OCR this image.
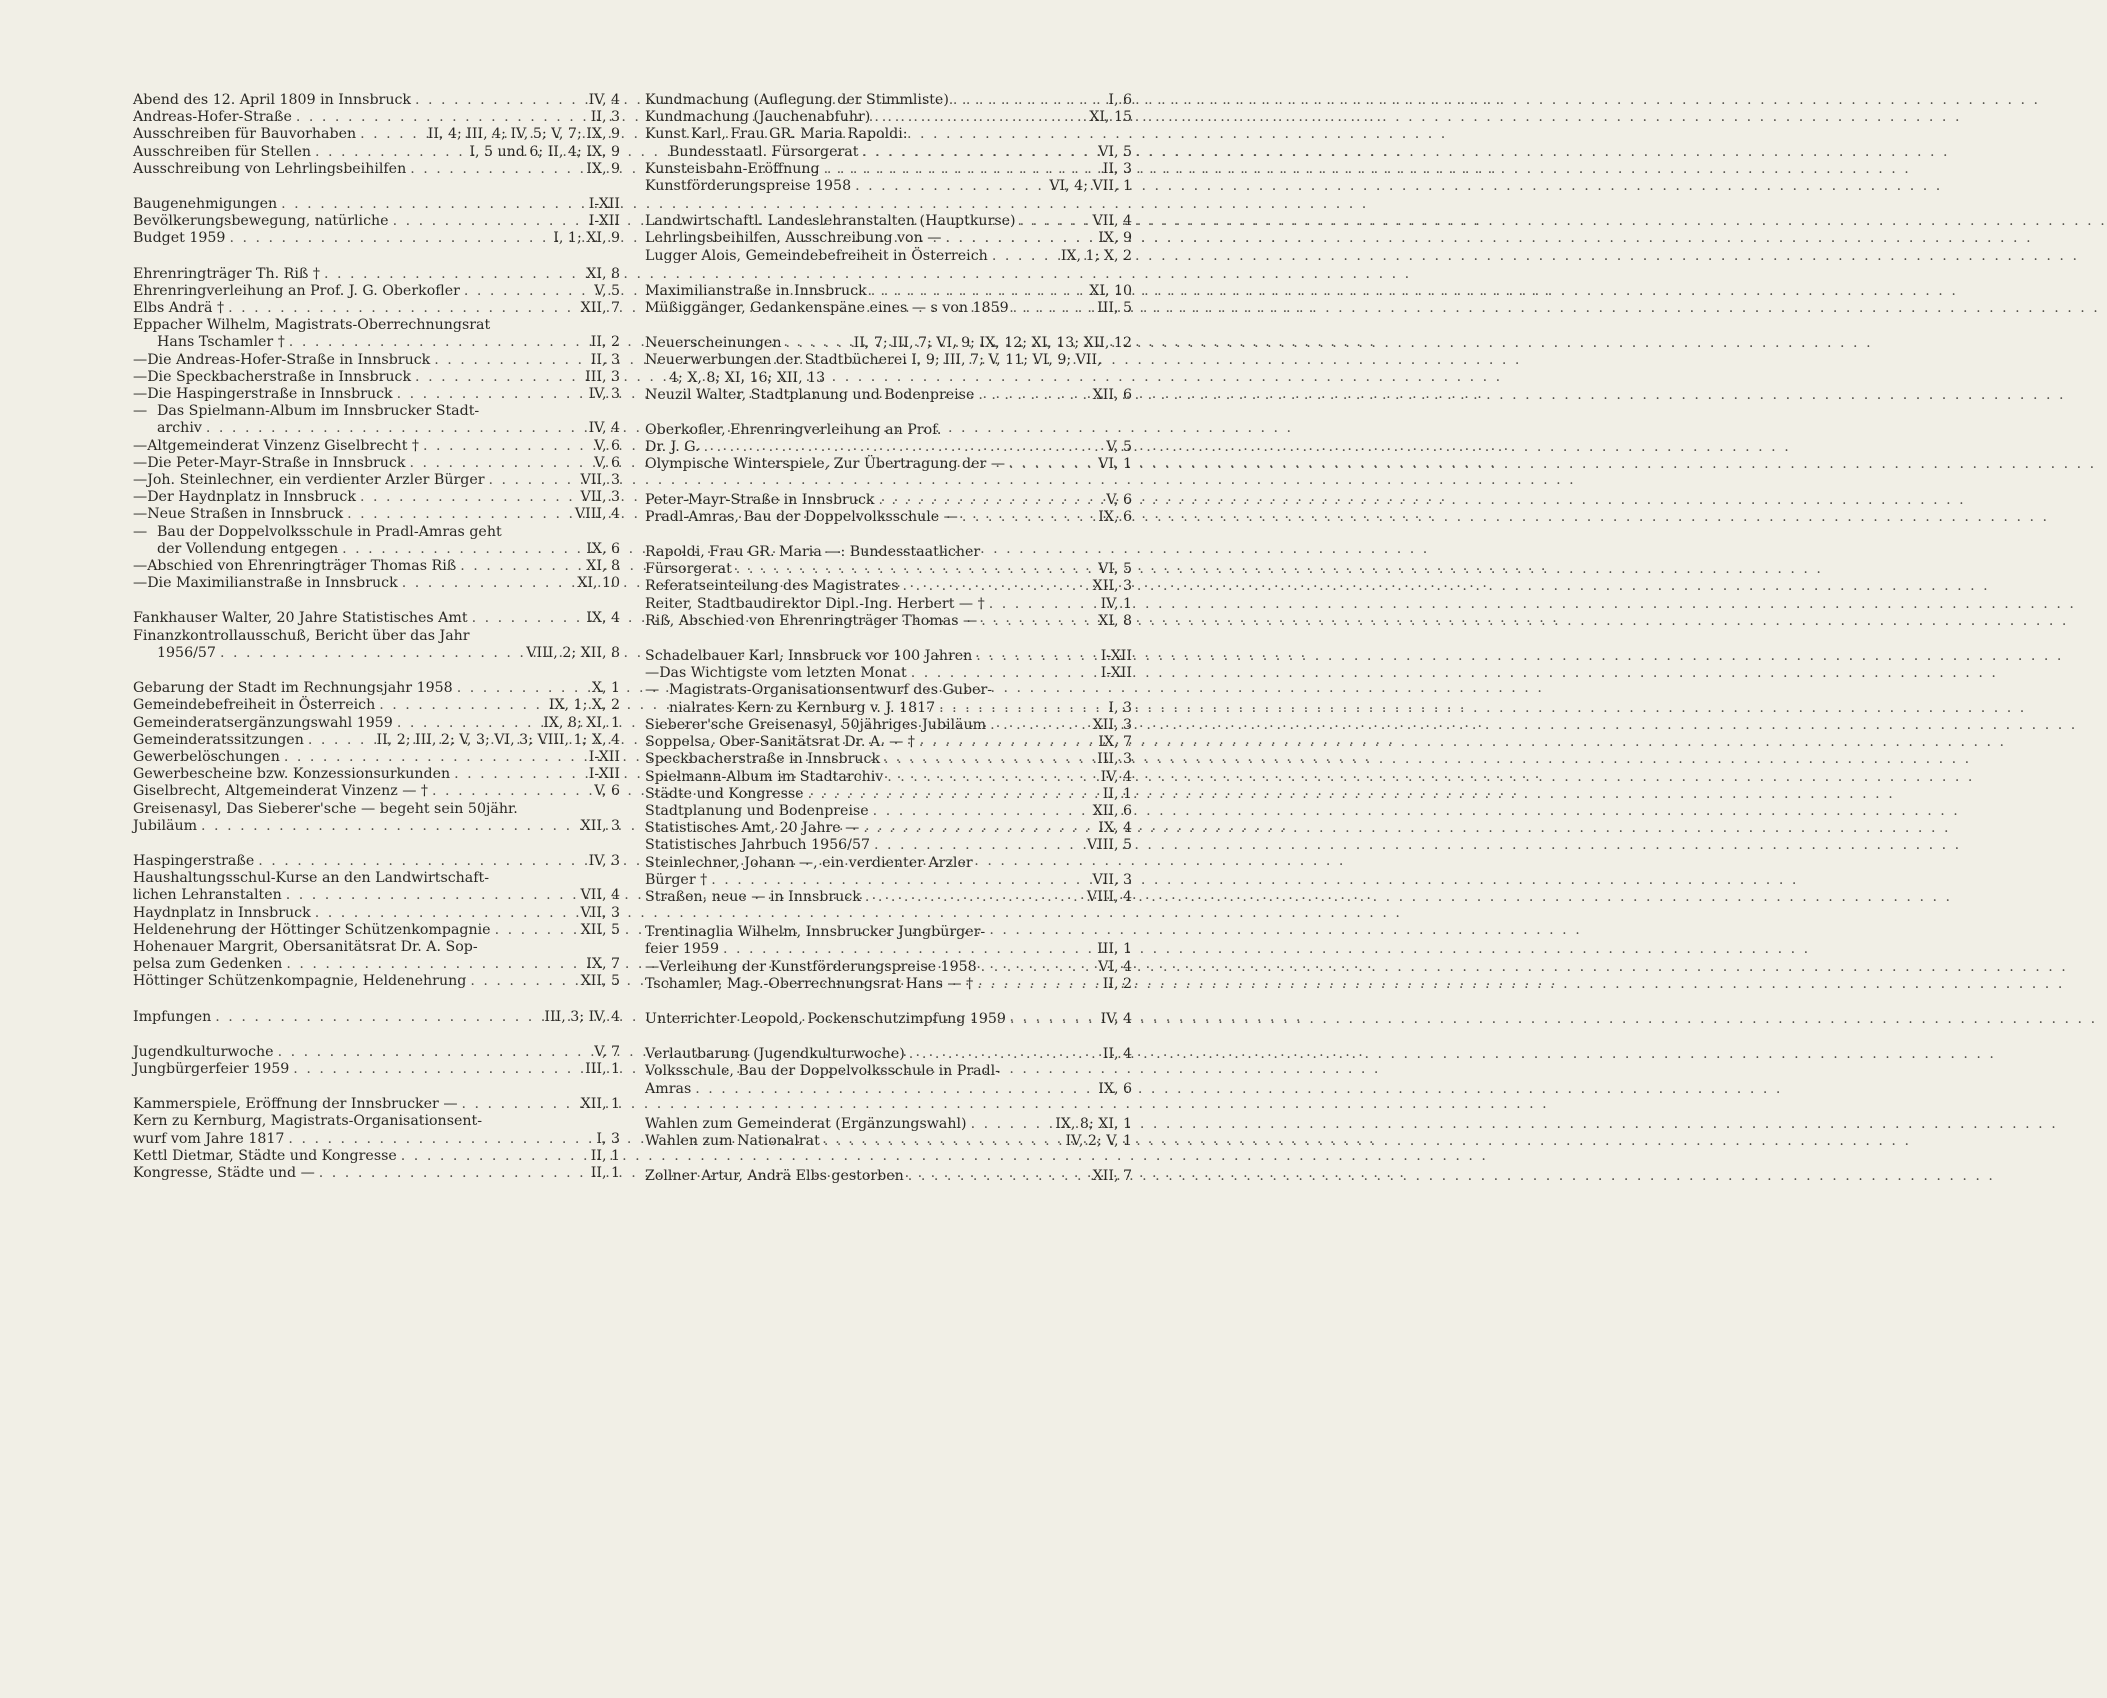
Abend des 12. April 1809 in Innsbruck . . .	IV, 4
Andreas-Hofer-Straße . . .	II, 3
Ausschreiben für Bauvorhaben . . .	II, 4; III, 4; IV, 5; V, 7; IX, 9
Ausschreiben für Stellen . . .	I, 5 und 6; II, 4; IX, 9
Ausschreibung von Lehrlingsbeihilfen . . .	IX, 9
Baugenehmigungen . . .	I-XII
Bevölkerungsbewegung, natürliche . . .	I-XII
Budget 1959 . . .	I, 1; XI, 9
Ehrenringträger Th. Riß † . . .	XI, 8
Ehrenringverleihung an Prof. J. G. Oberkofler . . .	V, 5
Elbs Andrä † . . .	XII, 7
Eppacher Wilhelm, Magistrats-Oberrechnungsrat
Hans Tschamler † . . .	II, 2
— Die Andreas-Hofer-Straße in Innsbruck . . .	II, 3
— Die Speckbacherstraße in Innsbruck . . .	III, 3
— Die Haspingerstraße in Innsbruck . . .	IV, 3
— Das Spielmann-Album im Innsbrucker Stadt-
archiv . . .	IV, 4
— Altgemeinderat Vinzenz Giselbrecht † . . .	V, 6
— Die Peter-Mayr-Straße in Innsbruck . . .	V, 6
— Joh. Steinlechner, ein verdienter Arzler Bürger . . .	VII, 3
— Der Haydnplatz in Innsbruck . . .	VII, 3
— Neue Straßen in Innsbruck . . .	VIII, 4
— Bau der Doppelvolksschule in Pradl-Amras geht
der Vollendung entgegen . . .	IX, 6
— Abschied von Ehrenringträger Thomas Riß . . .	XI, 8
— Die Maximilianstraße in Innsbruck . . .	XI, 10
Fankhauser Walter, 20 Jahre Statistisches Amt . . .	IX, 4
Finanzkontrollausschuß, Bericht über das Jahr
1956/57 . . .	VIII, 2; XII, 8
Gebarung der Stadt im Rechnungsjahr 1958 . . .	X, 1
Gemeindebefreiheit in Österreich . . .	IX, 1; X, 2
Gemeinderatsergänzungswahl 1959 . . .	IX, 8; XI, 1
Gemeinderatssitzungen . . .	II, 2; III, 2; V, 3; VI, 3; VIII, 1; X, 4
Gewerbelöschungen . . .	I-XII
Gewerbescheine bzw. Konzessionsurkunden . . .	I-XII
Giselbrecht, Altgemeinderat Vinzenz — † . . .	V, 6
Greisenasyl, Das Sieberer'sche — begeht sein 50jähr.
Jubiläum . . .	XII, 3
Haspingerstraße . . .	IV, 3
Haushaltungsschul-Kurse an den Landwirtschaft-
lichen Lehranstalten . . .	VII, 4
Haydnplatz in Innsbruck . . .	VII, 3
Heldenehrung der Höttinger Schützenkompagnie . . .	XII, 5
Hohenauer Margrit, Obersanitätsrat Dr. A. Sop-
pelsa zum Gedenken . . .	IX, 7
Höttinger Schützenkompagnie, Heldenehrung . . .	XII, 5
Impfungen . . .	III, 3; IV, 4
Jugendkulturwoche . . .	V, 7
Jungbürgerfeier 1959 . . .	III, 1
Kammerspiele, Eröffnung der Innsbrucker — . . .	XII, 1
Kern zu Kernburg, Magistrats-Organisationsent-
wurf vom Jahre 1817 . . .	I, 3
Kettl Dietmar, Städte und Kongresse . . .	II, 1
Kongresse, Städte und — . . .	II, 1
Kundmachung (Auflegung der Stimmliste) . . .	I, 6
Kundmachung (Jauchenabfuhr) . . .	XI, 15
Kunst Karl, Frau GR. Maria Rapoldi:
Bundesstaatl. Fürsorgerat . . .	VI, 5
Kunsteisbahn-Eröffnung . . .	II, 3
Kunstförderungspreise 1958 . . .	VI, 4; VII, 1
Landwirtschaftl. Landeslehranstalten (Hauptkurse) . . .	VII, 4
Lehrlingsbeihilfen, Ausschreibung von — . . .	IX, 9
Lugger Alois, Gemeindebefreiheit in Österreich . . .	IX, 1; X, 2
Maximilianstraße in Innsbruck . . .	XI, 10
Müßiggänger, Gedankenspäne eines — s von 1859 . . .	III, 5
Neuerscheinungen . . .	II, 7; III, 7; VI, 9; IX, 12; XI, 13; XII, 12
Neuerwerbungen der Stadtbücherei I, 9; III, 7; V, 11; VI, 9; VII,
4; X, 8; XI, 16; XII, 13
Neuzil Walter, Stadtplanung und Bodenpreise . . .	XII, 6
Oberkofler, Ehrenringverleihung an Prof.
Dr. J. G. . . .	V, 5
Olympische Winterspiele, Zur Übertragung der — . . .	VI, 1
Peter-Mayr-Straße in Innsbruck . . .	V, 6
Pradl-Amras, Bau der Doppelvolksschule — . . .	IX, 6
Rapoldi, Frau GR. Maria —: Bundesstaatlicher
Fürsorgerat . . .	VI, 5
Referatseinteilung des Magistrates . . .	XII, 3
Reiter, Stadtbaudirektor Dipl.-Ing. Herbert — † . . .	IV, 1
Riß, Abschied von Ehrenringträger Thomas — . . .	XI, 8
Schadelbauer Karl, Innsbruck vor 100 Jahren . . .	I-XII
— Das Wichtigste vom letzten Monat . . .	I-XII
— Magistrats-Organisationsentwurf des Guber-
nialrates Kern zu Kernburg v. J. 1817 . . .	I, 3
Sieberer'sche Greisenasyl, 50jähriges Jubiläum . . .	XII, 3
Soppelsa, Ober-Sanitätsrat Dr. A. — † . . .	IX, 7
Speckbacherstraße in Innsbruck . . .	III, 3
Spielmann-Album im Stadtarchiv . . .	IV, 4
Städte und Kongresse . . .	II, 1
Stadtplanung und Bodenpreise . . .	XII, 6
Statistisches Amt, 20 Jahre — . . .	IX, 4
Statistisches Jahrbuch 1956/57 . . .	VIII, 5
Steinlechner, Johann —, ein verdienter Arzler
Bürger † . . .	VII, 3
Straßen, neue — in Innsbruck . . .	VIII, 4
Trentinaglia Wilhelm, Innsbrucker Jungbürger-
feier 1959 . . .	III, 1
— Verleihung der Kunstförderungspreise 1958 . . .	VI, 4
Tschamler, Mag.-Oberrechnungsrat Hans — † . . .	II, 2
Unterrichter Leopold, Pockenschutzimpfung 1959 . . .	IV, 4
Verlautbarung (Jugendkulturwoche) . . .	II, 4
Volksschule, Bau der Doppelvolksschule in Pradl-
Amras . . .	IX, 6
Wahlen zum Gemeinderat (Ergänzungswahl) . . .	IX, 8; XI, 1
Wahlen zum Nationalrat . . .	IV, 2; V, 1
Zollner Artur, Andrä Elbs gestorben . . .	XII, 7
